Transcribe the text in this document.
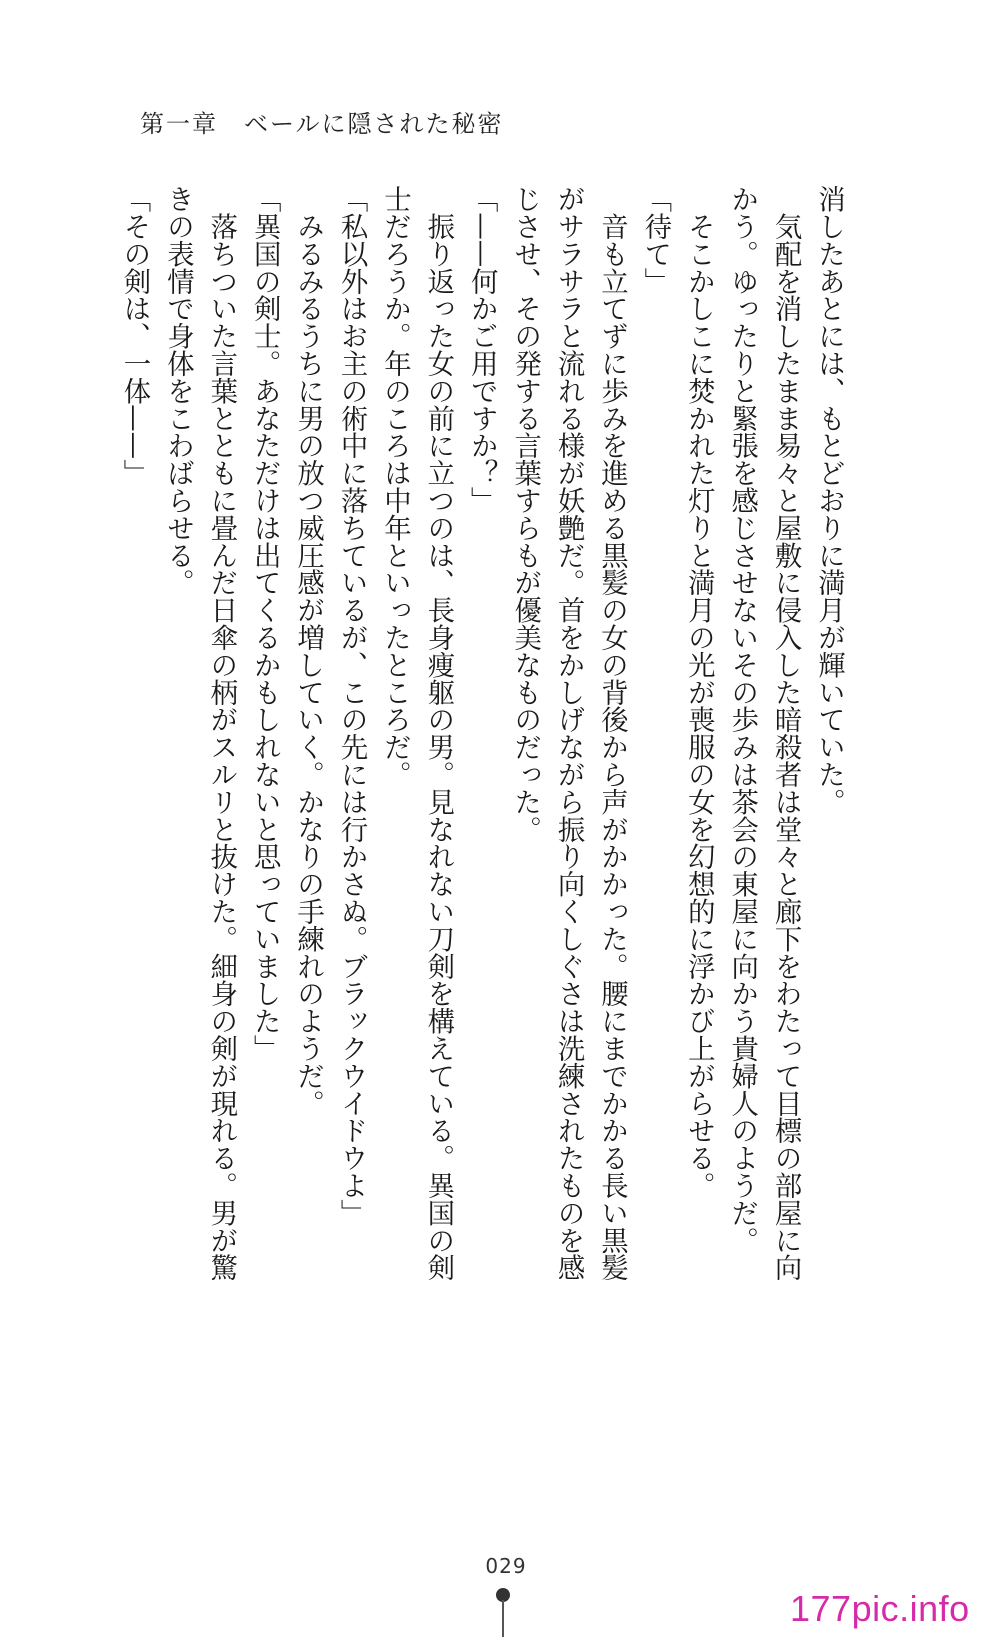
第一章　ベールに隠された秘密

消したあとには、もとどおりに満月が輝いていた。

　気配を消したまま易々と屋敷に侵入した暗殺者は堂々と廊下をわたって目標の部屋に向

かう。ゆったりと緊張を感じさせないその歩みは茶会の東屋に向かう貴婦人のようだ。

　そこかしこに焚かれた灯りと満月の光が喪服の女を幻想的に浮かび上がらせる。

「待て」

　音も立てずに歩みを進める黒髪の女の背後から声がかかった。腰にまでかかる長い黒髪

がサラサラと流れる様が妖艶だ。首をかしげながら振り向くしぐさは洗練されたものを感

じさせ、その発する言葉すらもが優美なものだった。

「——何かご用ですか？」

　振り返った女の前に立つのは、長身痩躯の男。見なれない刀剣を構えている。異国の剣

士だろうか。年のころは中年といったところだ。

「私以外はお主の術中に落ちているが、この先には行かさぬ。ブラックウイドウよ」

　みるみるうちに男の放つ威圧感が増していく。かなりの手練れのようだ。

「異国の剣士。あなただけは出てくるかもしれないと思っていました」

　落ちついた言葉とともに畳んだ日傘の柄がスルリと抜けた。細身の剣が現れる。男が驚

きの表情で身体をこわばらせる。

「その剣は、一体——」

029
177pic.info
